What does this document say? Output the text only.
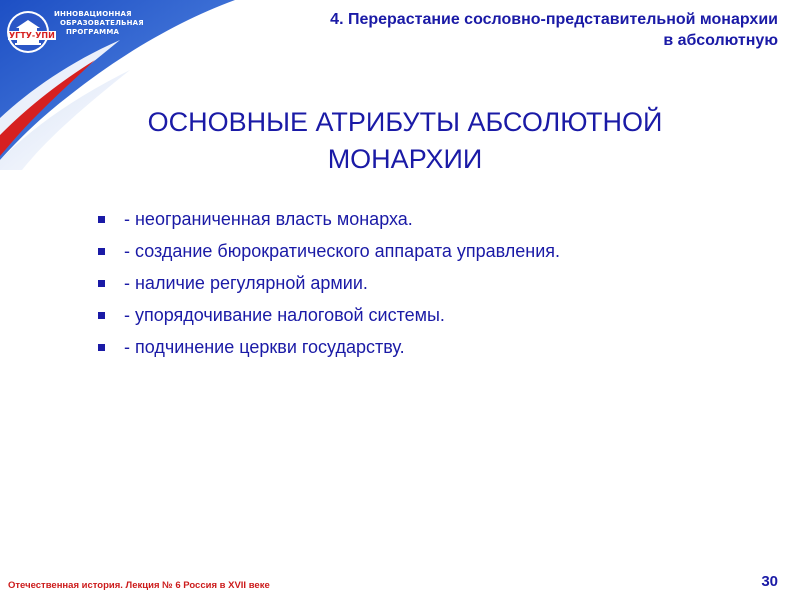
УГТУ-УПИ
ИННОВАЦИОННАЯ
ОБРАЗОВАТЕЛЬНАЯ
ПРОГРАММА
4. Перерастание сословно-представительной монархии
в абсолютную
ОСНОВНЫЕ АТРИБУТЫ АБСОЛЮТНОЙ
МОНАРХИИ
- неограниченная власть монарха.
- создание бюрократического аппарата управления.
- наличие регулярной армии.
- упорядочивание налоговой системы.
- подчинение церкви государству.
Отечественная история. Лекция № 6 Россия в XVII веке	30
